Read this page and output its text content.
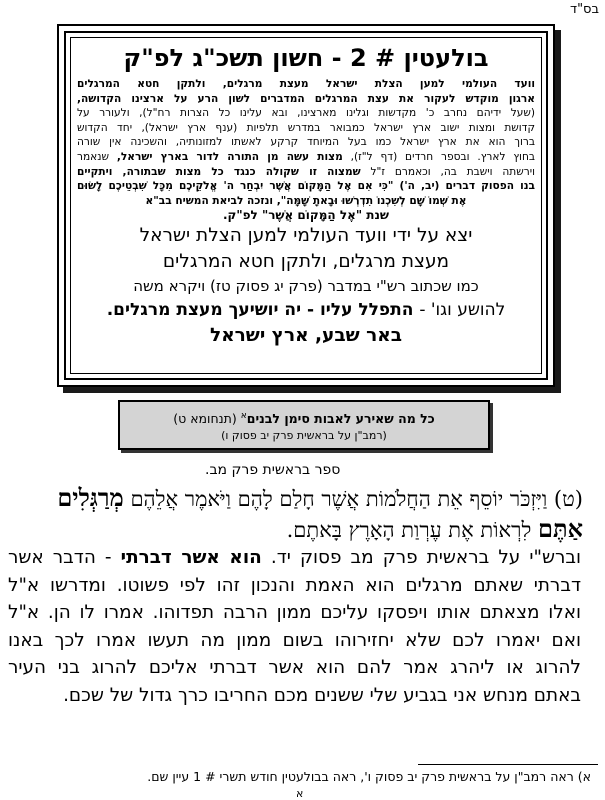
בס"ד
בולעטין # 2 - חשון תשכ"ג לפ"ק
וועד העולמי למען הצלת ישראל מעצת מרגלים, ולתקן חטא המרגלים
ארגון מוקדש לעקור את עצת המרגלים המדברים לשון הרע על ארצינו הקדושה,
(שעל ידיהם נחרב כ' מקדשות וגלינו מארצינו, ובא עלינו כל הצרות רח"ל), ולעורר על
קדושת ומצות ישוב ארץ ישראל כמבואר במדרש תלפיות (ענף ארץ ישראל), יחד הקדוש
ברוך הוא את ארץ ישראל כמו בעל המיוחד קרקע לאשתו למזונותיה, והשכינה אין שורה
בחוץ לארץ. ובספר חרדים (דף ל"ז), מצות עשה מן התורה לדור בארץ ישראל, שנאמר
וירשתה וישבת בה, וכאמרם ז"ל שמצוה זו שקולה כנגד כל מצות שבתורה, ויתקיים
בנו הפסוק דברים (יב, ה') "כִּי אִם אֶל הַמָּקוֹם אֲשֶׁר יִבְחַר ה' אֱלֹקֵיכֶם מִכָּל שִׁבְטֵיכֶם לָשׂוּם
אֶת שְׁמוֹ שָׁם לְשִׁכְנוֹ תִדְרְשׁוּ וּבָאתָ שָּׁמָּה", ונזכה לביאת המשיח בב"א
שנת "אֶל הַמָּקוֹם אֲשֶׁר" לפ"ק.
יצא על ידי וועד העולמי למען הצלת ישראל
מעצת מרגלים, ולתקן חטא המרגלים
כמו שכתוב רש"י במדבר (פרק יג פסוק טז) ויקרא משה
להושע וגו' - התפלל עליו - יה יושיעך מעצת מרגלים.
באר שבע, ארץ ישראל
כל מה שאירע לאבות סימן לבנים$^א$ (תנחומא ט)
(רמב"ן על בראשית פרק יב פסוק ו)
ספר בראשית פרק מב.
(ט) וַיִּזְכֹּר יוֹסֵף אֵת הַחֲלֹמוֹת אֲשֶׁר חָלַם לָהֶם וַיֹּאמֶר אֲלֵהֶם מְרַגְּלִים אַתֶּם לִרְאוֹת אֶת עֶרְוַת הָאָרֶץ בָּאתֶם.
וברש"י על בראשית פרק מב פסוק יד. הוא אשר דברתי - הדבר אשר
דברתי שאתם מרגלים הוא האמת והנכון זהו לפי פשוטו. ומדרשו א"ל
ואלו מצאתם אותו ויפסקו עליכם ממון הרבה תפדוהו. אמרו לו הן. א"ל
ואם יאמרו לכם שלא יחזירוהו בשום ממון מה תעשו אמרו לכך באנו
להרוג או ליהרג אמר להם הוא אשר דברתי אליכם להרוג בני העיר
באתם מנחש אני בגביע שלי ששנים מכם החריבו כרך גדול של שכם.
א) ראה רמב"ן על בראשית פרק יב פסוק ו', ראה בבולעטין חודש תשרי # 1 עיין שם.
א
